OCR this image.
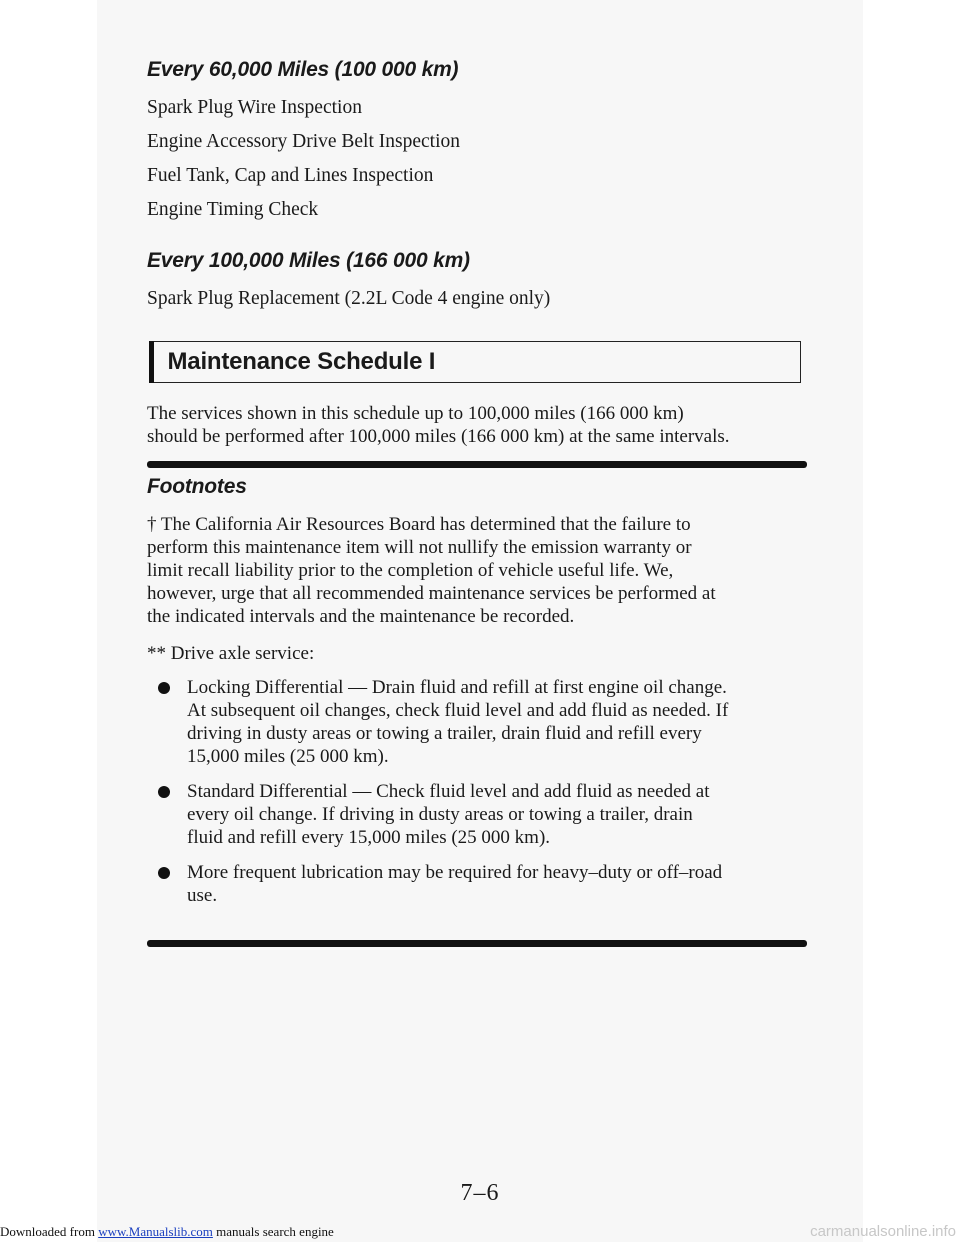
Every 60,000 Miles (100 000 km)

Spark Plug Wire Inspection

Engine Accessory Drive Belt Inspection

Fuel Tank, Cap and Lines Inspection

Engine Timing Check

Every 100,000 Miles (166 000 km)

Spark Plug Replacement (2.2L Code 4 engine only)

Maintenance Schedule I

The services shown in this schedule up to 100,000 miles (166 000 km)

should be performed after 100,000 miles (166 000 km) at the same intervals.

Footnotes

† The California Air Resources Board has determined that the failure to

perform this maintenance item will not nullify the emission warranty or

limit recall liability prior to the completion of vehicle useful life. We,

however, urge that all recommended maintenance services be performed at

the indicated intervals and the maintenance be recorded.

** Drive axle service:

Locking Differential — Drain fluid and refill at first engine oil change.
At subsequent oil changes, check fluid level and add fluid as needed. If
driving in dusty areas or towing a trailer, drain fluid and refill every
15,000 miles (25 000 km).
Standard Differential — Check fluid level and add fluid as needed at
every oil change. If driving in dusty areas or towing a trailer, drain
fluid and refill every 15,000 miles (25 000 km).
More frequent lubrication may be required for heavy–duty or off–road
use.
7–6
Downloaded from www.Manualslib.com manuals search engine	carmanualsonline.info
